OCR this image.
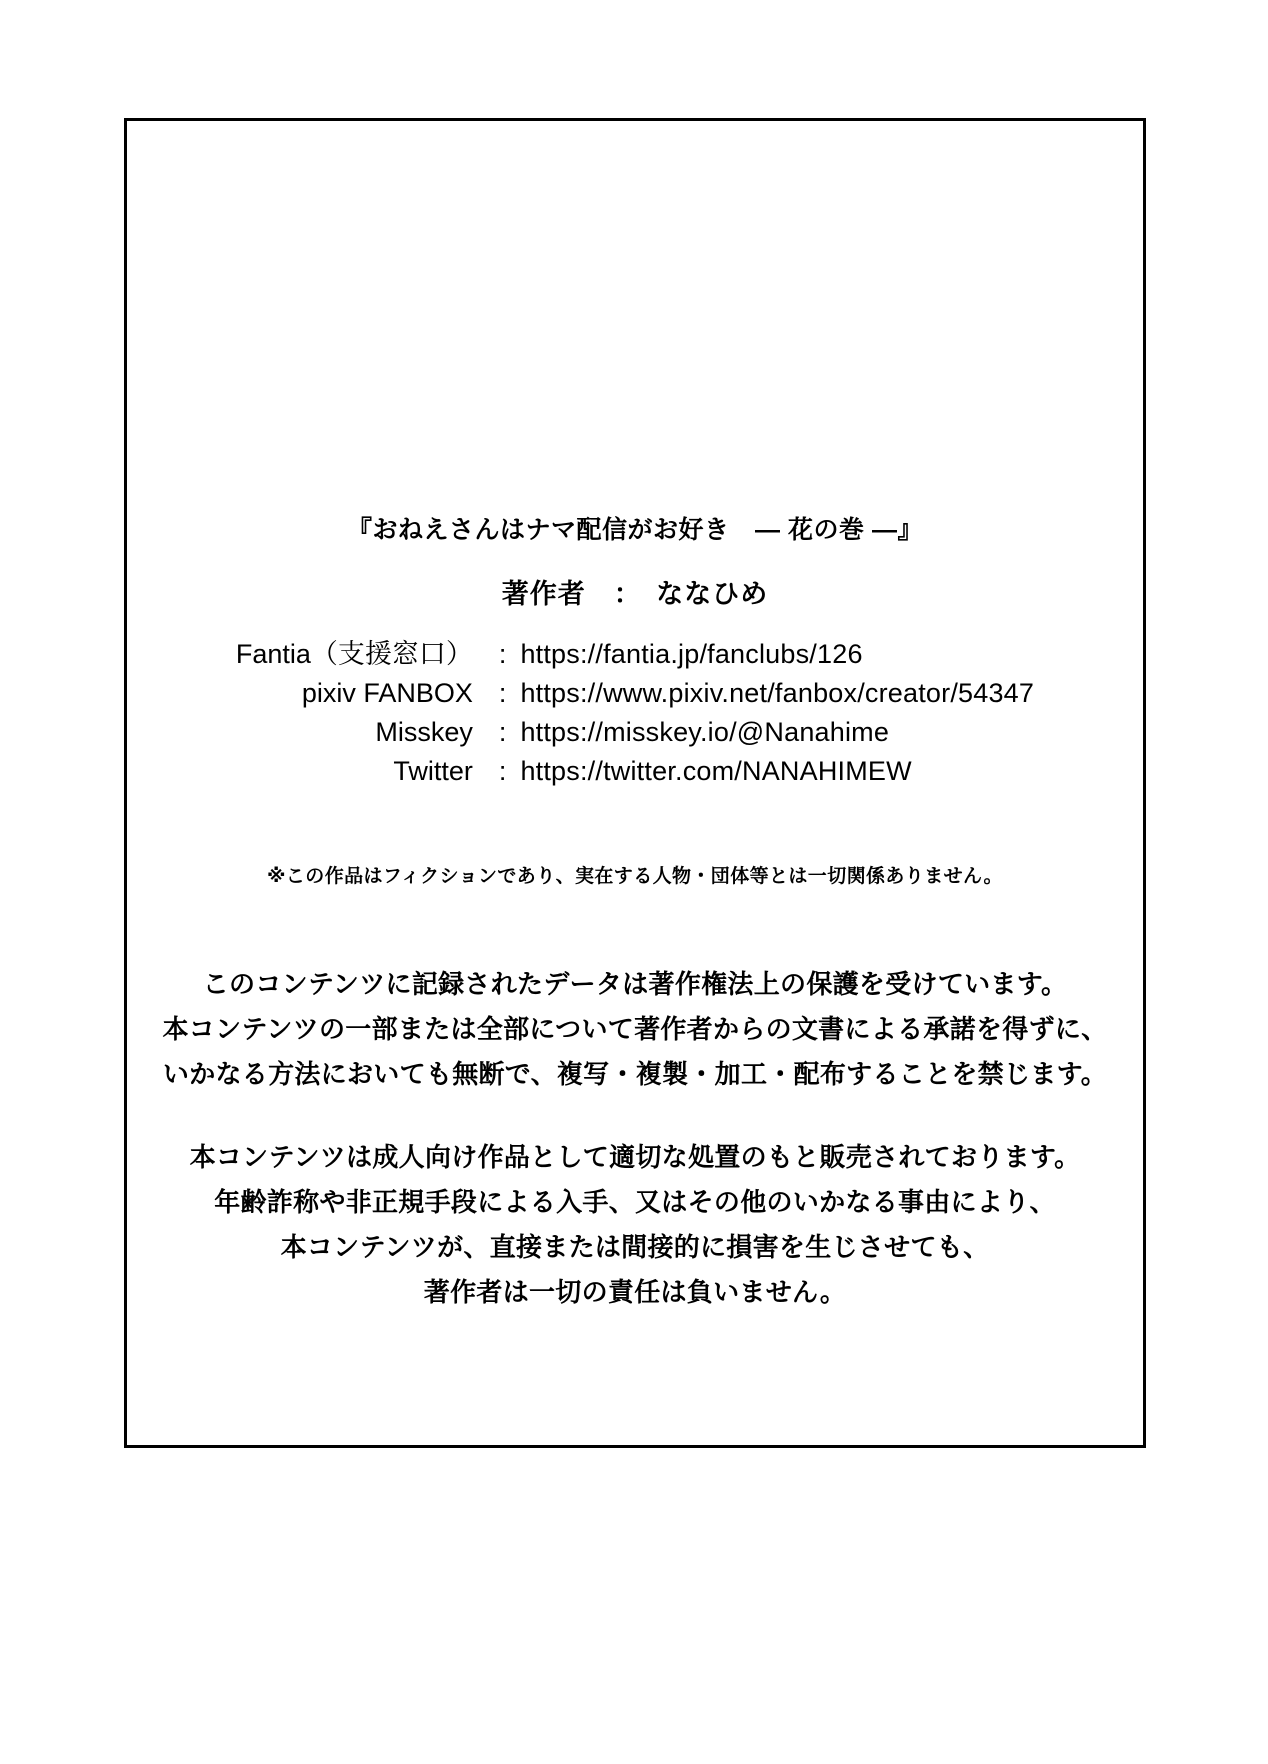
『おねえさんはナマ配信がお好き　― 花の巻 ―』
著作者　：　ななひめ
Fantia（支援窓口）	:	https://fantia.jp/fanclubs/126
pixiv FANBOX	:	https://www.pixiv.net/fanbox/creator/54347
Misskey	:	https://misskey.io/@Nanahime
Twitter	:	https://twitter.com/NANAHIMEW
※この作品はフィクションであり、実在する人物・団体等とは一切関係ありません。
このコンテンツに記録されたデータは著作権法上の保護を受けています。
本コンテンツの一部または全部について著作者からの文書による承諾を得ずに、
いかなる方法においても無断で、複写・複製・加工・配布することを禁じます。
本コンテンツは成人向け作品として適切な処置のもと販売されております。
年齢詐称や非正規手段による入手、又はその他のいかなる事由により、
本コンテンツが、直接または間接的に損害を生じさせても、
著作者は一切の責任は負いません。
